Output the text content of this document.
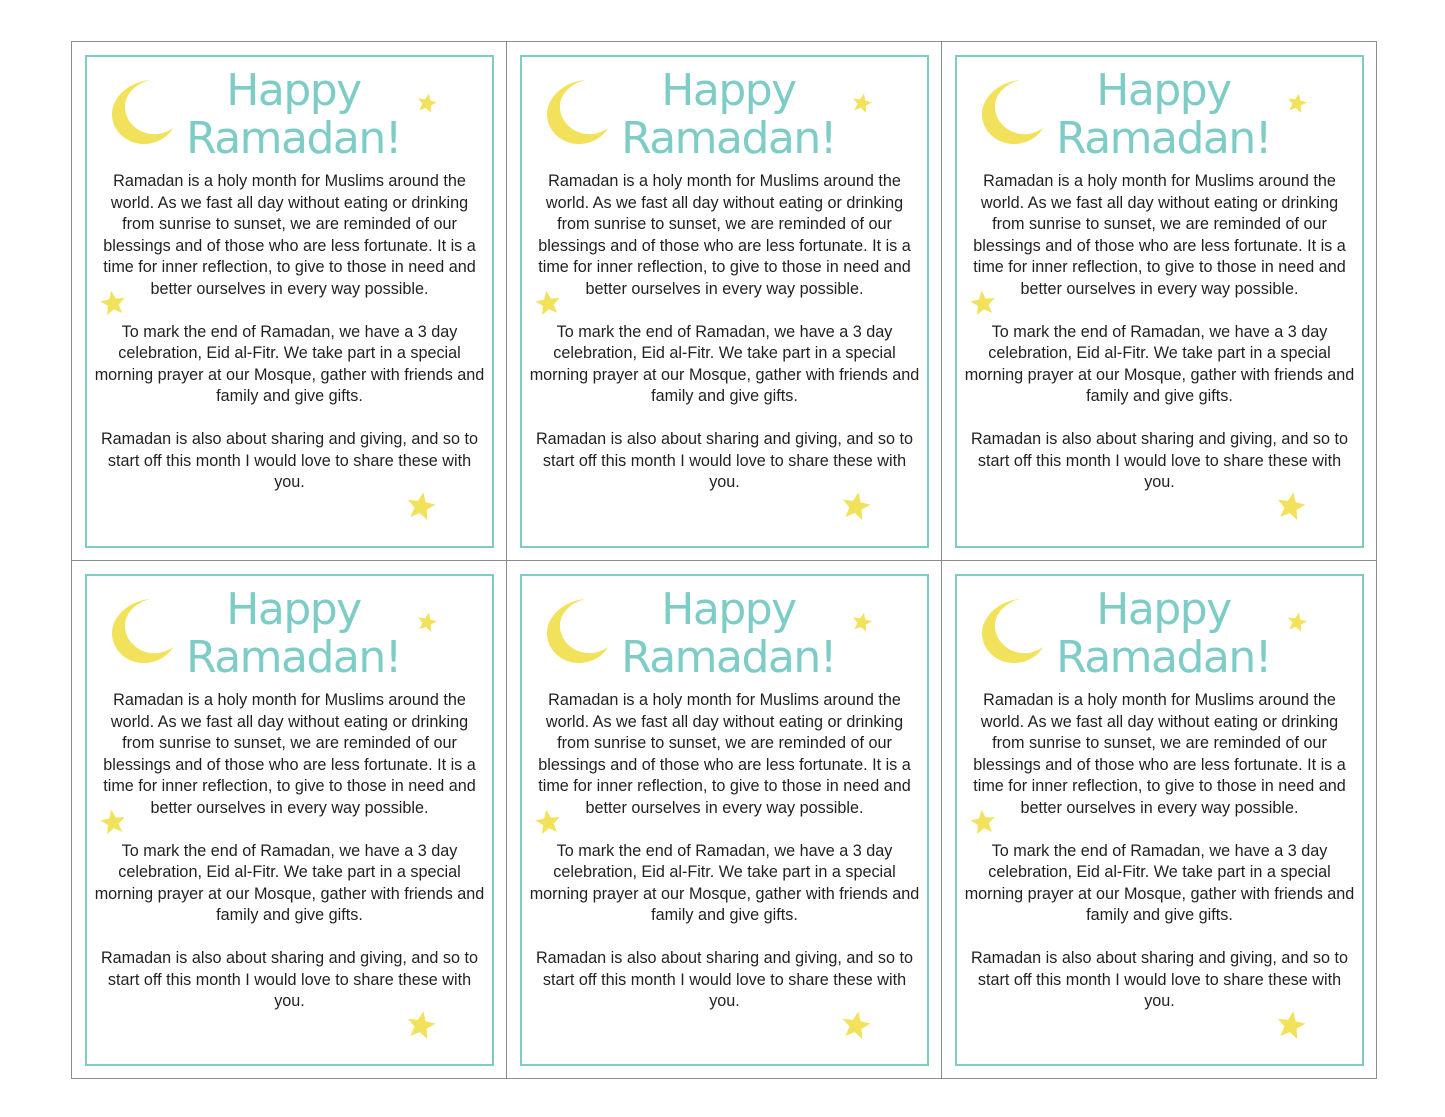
Happy
Ramadan!

Ramadan is a holy month for Muslims around the world. As we fast all day without eating or drinking from sunrise to sunset, we are reminded of our blessings and of those who are less fortunate. It is a time for inner reflection, to give to those in need and better ourselves in every way possible.

To mark the end of Ramadan, we have a 3 day celebration, Eid al-Fitr. We take part in a special morning prayer at our Mosque, gather with friends and family and give gifts.

Ramadan is also about sharing and giving, and so to start off this month I would love to share these with you.

Happy
Ramadan!

Ramadan is a holy month for Muslims around the world. As we fast all day without eating or drinking from sunrise to sunset, we are reminded of our blessings and of those who are less fortunate. It is a time for inner reflection, to give to those in need and better ourselves in every way possible.

To mark the end of Ramadan, we have a 3 day celebration, Eid al-Fitr. We take part in a special morning prayer at our Mosque, gather with friends and family and give gifts.

Ramadan is also about sharing and giving, and so to start off this month I would love to share these with you.

Happy
Ramadan!

Ramadan is a holy month for Muslims around the world. As we fast all day without eating or drinking from sunrise to sunset, we are reminded of our blessings and of those who are less fortunate. It is a time for inner reflection, to give to those in need and better ourselves in every way possible.

To mark the end of Ramadan, we have a 3 day celebration, Eid al-Fitr. We take part in a special morning prayer at our Mosque, gather with friends and family and give gifts.

Ramadan is also about sharing and giving, and so to start off this month I would love to share these with you.

Happy
Ramadan!

Ramadan is a holy month for Muslims around the world. As we fast all day without eating or drinking from sunrise to sunset, we are reminded of our blessings and of those who are less fortunate. It is a time for inner reflection, to give to those in need and better ourselves in every way possible.

To mark the end of Ramadan, we have a 3 day celebration, Eid al-Fitr. We take part in a special morning prayer at our Mosque, gather with friends and family and give gifts.

Ramadan is also about sharing and giving, and so to start off this month I would love to share these with you.

Happy
Ramadan!

Ramadan is a holy month for Muslims around the world. As we fast all day without eating or drinking from sunrise to sunset, we are reminded of our blessings and of those who are less fortunate. It is a time for inner reflection, to give to those in need and better ourselves in every way possible.

To mark the end of Ramadan, we have a 3 day celebration, Eid al-Fitr. We take part in a special morning prayer at our Mosque, gather with friends and family and give gifts.

Ramadan is also about sharing and giving, and so to start off this month I would love to share these with you.

Happy
Ramadan!

Ramadan is a holy month for Muslims around the world. As we fast all day without eating or drinking from sunrise to sunset, we are reminded of our blessings and of those who are less fortunate. It is a time for inner reflection, to give to those in need and better ourselves in every way possible.

To mark the end of Ramadan, we have a 3 day celebration, Eid al-Fitr. We take part in a special morning prayer at our Mosque, gather with friends and family and give gifts.

Ramadan is also about sharing and giving, and so to start off this month I would love to share these with you.
